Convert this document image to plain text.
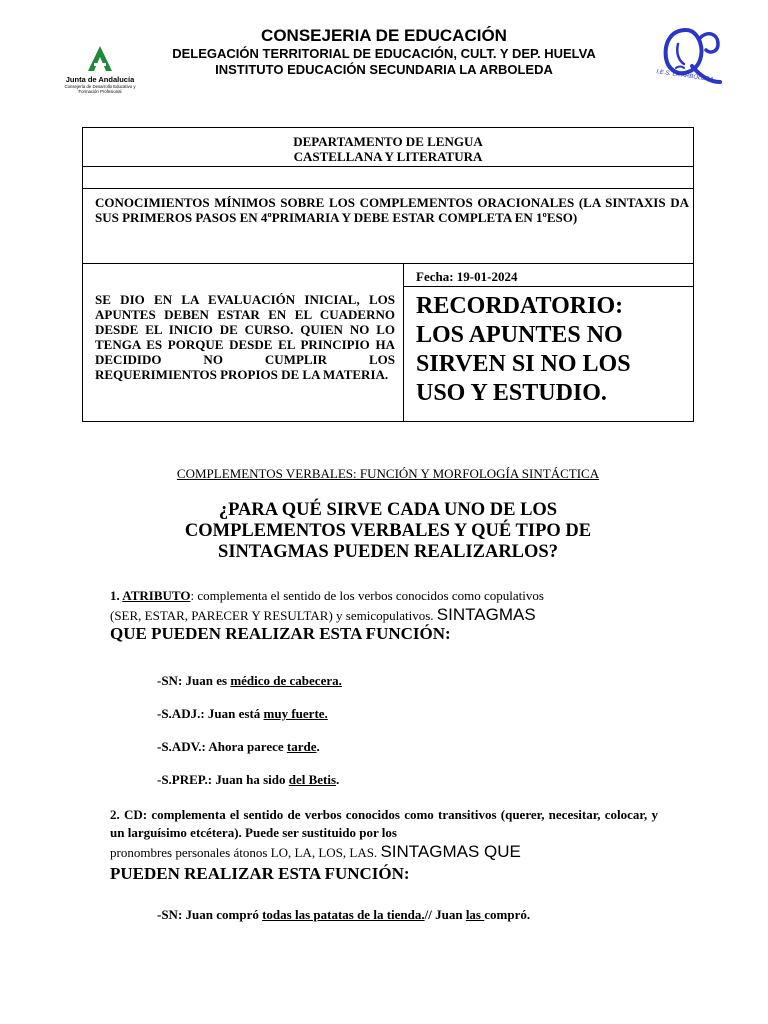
Junta de Andalucía
Consejería de Desarrollo Educativo y Formación Profesional
CONSEJERIA DE EDUCACIÓN
DELEGACIÓN TERRITORIAL DE EDUCACIÓN, CULT. Y DEP. HUELVA
INSTITUTO EDUCACIÓN SECUNDARIA LA ARBOLEDA	I.E.S. LA ARBOLEDA
DEPARTAMENTO DE LENGUA
CASTELLANA Y LITERATURA
CONOCIMIENTOS MÍNIMOS SOBRE LOS COMPLEMENTOS ORACIONALES (LA SINTAXIS DA SUS PRIMEROS PASOS EN 4ºPRIMARIA Y DEBE ESTAR COMPLETA EN 1ºESO)
Fecha: 19-01-2024
SE DIO EN LA EVALUACIÓN INICIAL, LOS APUNTES DEBEN ESTAR EN EL CUADERNO DESDE EL INICIO DE CURSO. QUIEN NO LO TENGA ES PORQUE DESDE EL PRINCIPIO HA DECIDIDO NO CUMPLIR LOS REQUERIMIENTOS PROPIOS DE LA MATERIA.
RECORDATORIO:
LOS APUNTES NO
SIRVEN SI NO LOS
USO Y ESTUDIO.
COMPLEMENTOS VERBALES: FUNCIÓN Y MORFOLOGÍA SINTÁCTICA
¿PARA QUÉ SIRVE CADA UNO DE LOS
COMPLEMENTOS VERBALES Y QUÉ TIPO DE
SINTAGMAS PUEDEN REALIZARLOS?
1. ATRIBUTO: complementa el sentido de los verbos conocidos como copulativos
(SER, ESTAR, PARECER Y RESULTAR) y semicopulativos. SINTAGMAS
QUE PUEDEN REALIZAR ESTA FUNCIÓN:
-SN: Juan es médico de cabecera.
-S.ADJ.: Juan está muy fuerte.
-S.ADV.: Ahora parece tarde.
-S.PREP.: Juan ha sido del Betis.
2. CD: complementa el sentido de verbos conocidos como transitivos (querer, necesitar, colocar, y un larguísimo etcétera). Puede ser sustituido por los
pronombres personales átonos LO, LA, LOS, LAS. SINTAGMAS QUE
PUEDEN REALIZAR ESTA FUNCIÓN:
-SN: Juan compró todas las patatas de la tienda.// Juan las compró.
